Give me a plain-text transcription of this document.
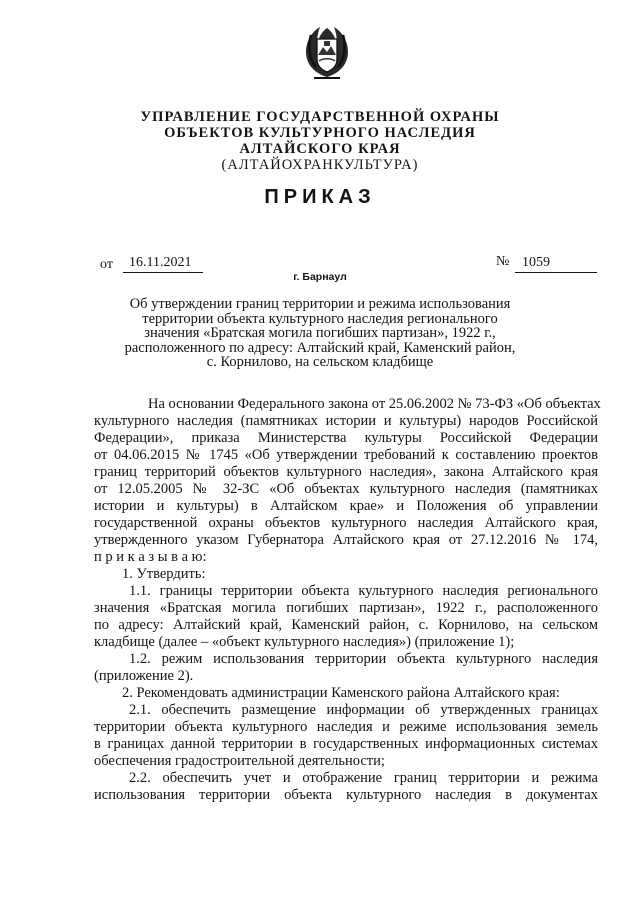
УПРАВЛЕНИЕ ГОСУДАРСТВЕННОЙ ОХРАНЫ
ОБЪЕКТОВ КУЛЬТУРНОГО НАСЛЕДИЯ
АЛТАЙСКОГО КРАЯ
(АЛТАЙОХРАНКУЛЬТУРА)
ПРИКАЗ
от 16.11.2021	№ 1059
г. Барнаул
Об утверждении границ территории и режима использования
территории объекта культурного наследия регионального
значения «Братская могила погибших партизан», 1922 г.,
расположенного по адресу: Алтайский край, Каменский район,
с. Корнилово, на сельском кладбище
На основании Федерального закона от 25.06.2002 № 73-ФЗ «Об объектах
культурного наследия (памятниках истории и культуры) народов Российской
Федерации», приказа Министерства культуры Российской Федерации
от 04.06.2015 № 1745 «Об утверждении требований к составлению проектов
границ территорий объектов культурного наследия», закона Алтайского края
от 12.05.2005 № 32-ЗС «Об объектах культурного наследия (памятниках
истории и культуры) в Алтайском крае» и Положения об управлении
государственной охраны объектов культурного наследия Алтайского края,
утвержденного указом Губернатора Алтайского края от 27.12.2016 № 174,
п р и к а з ы в а ю:
1. Утвердить:
1.1. границы территории объекта культурного наследия регионального
значения «Братская могила погибших партизан», 1922 г., расположенного
по адресу: Алтайский край, Каменский район, с. Корнилово, на сельском
кладбище (далее – «объект культурного наследия») (приложение 1);
1.2. режим использования территории объекта культурного наследия
(приложение 2).
2. Рекомендовать администрации Каменского района Алтайского края:
2.1. обеспечить размещение информации об утвержденных границах
территории объекта культурного наследия и режиме использования земель
в границах данной территории в государственных информационных системах
обеспечения градостроительной деятельности;
2.2. обеспечить учет и отображение границ территории и режима
использования территории объекта культурного наследия в документах
